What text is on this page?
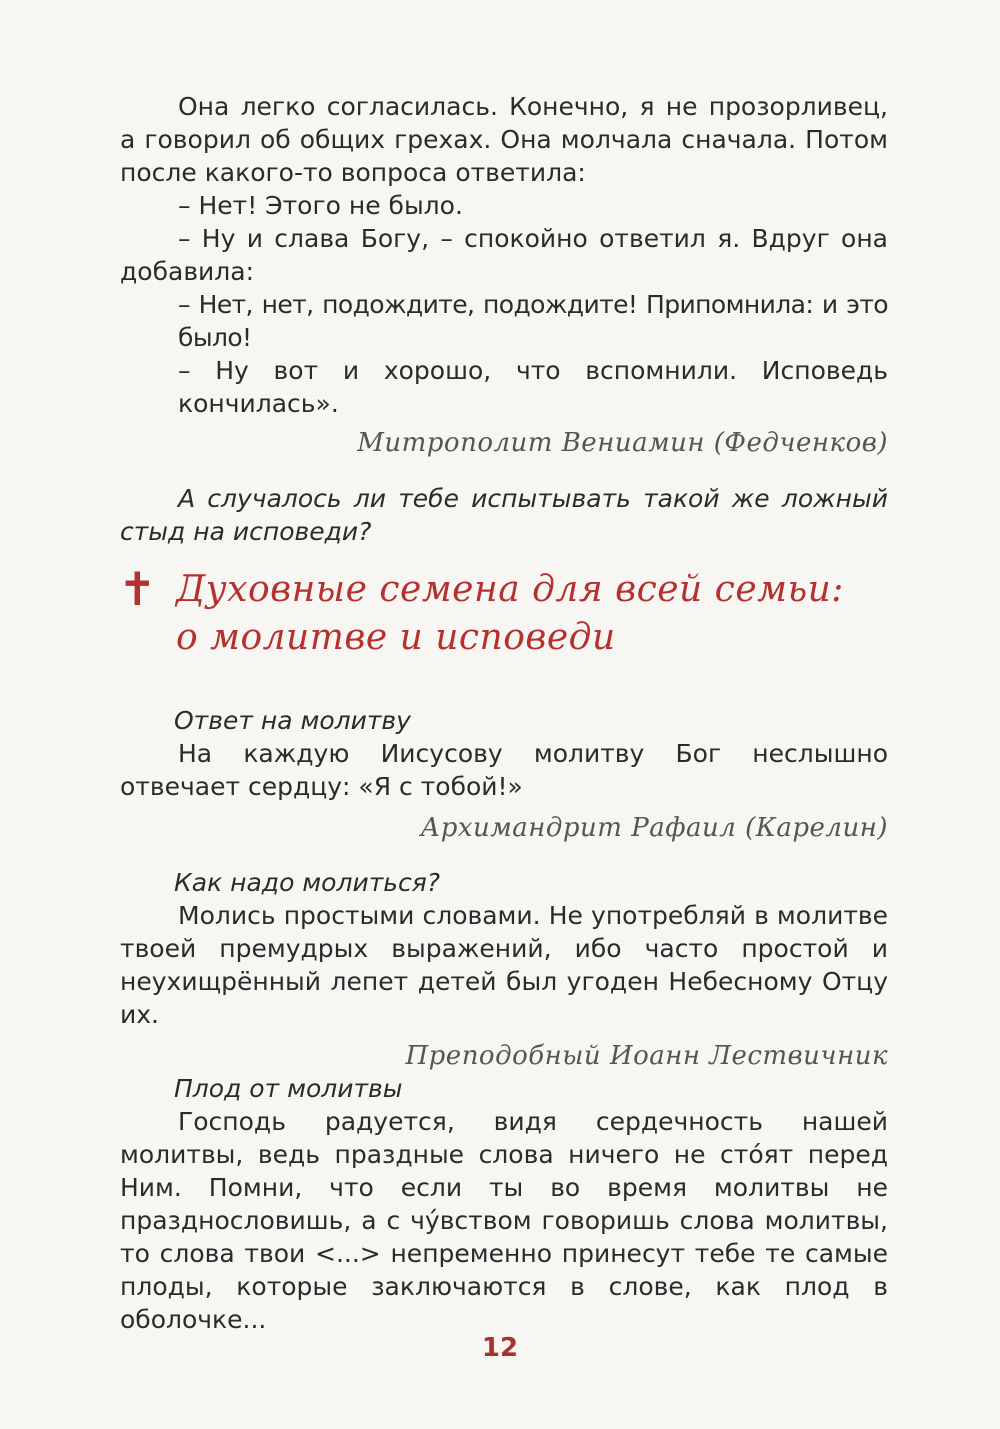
Она легко согласилась. Конечно, я не прозорливец, а говорил об общих грехах. Она молчала сначала. Потом после какого-то вопроса ответила:

– Нет! Этого не было.

– Ну и слава Богу, – спокойно ответил я. Вдруг она добавила:

– Нет, нет, подождите, подождите! Припомнила: и это было!

– Ну вот и хорошо, что вспомнили. Исповедь кончилась».

Митрополит Вениамин (Федченков)

А случалось ли тебе испытывать такой же ложный стыд на исповеди?

✝ Духовные семена для всей семьи:
о молитве и исповеди

Ответ на молитву

На каждую Иисусову молитву Бог неслышно отвечает сердцу: «Я с тобой!»

Архимандрит Рафаил (Карелин)

Как надо молиться?

Молись простыми словами. Не употребляй в молитве твоей премудрых выражений, ибо часто простой и неухищрённый лепет детей был угоден Небесному Отцу их.

Преподобный Иоанн Лествичник

Плод от молитвы

Господь радуется, видя сердечность нашей молитвы, ведь праздные слова ничего не стóят перед Ним. Помни, что если ты во время молитвы не празднословишь, а с чýвством говоришь слова молитвы, то слова твои <...> непременно принесут тебе те самые плоды, которые заключаются в слове, как плод в оболочке...

12
